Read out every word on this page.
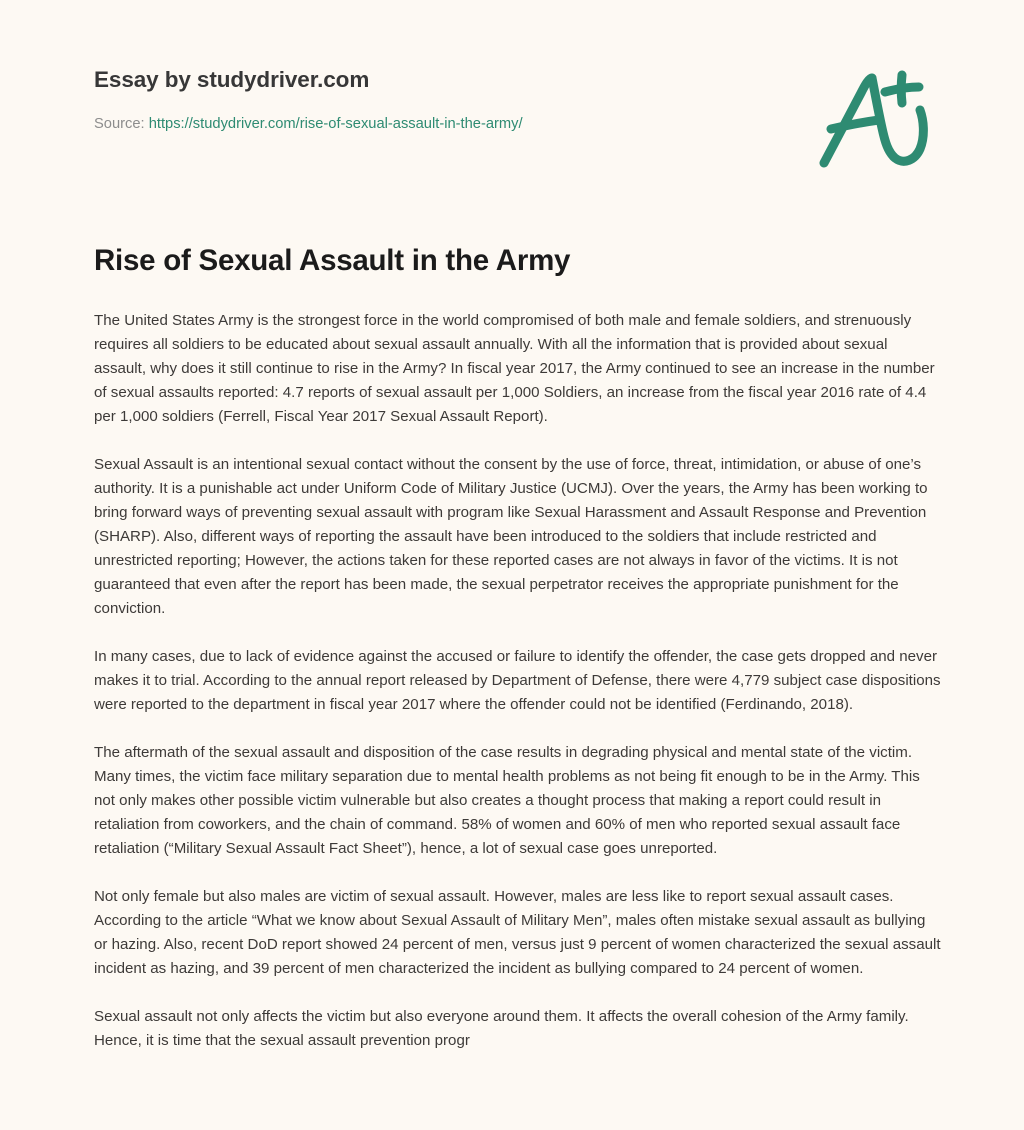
Essay by studydriver.com

Source: https://studydriver.com/rise-of-sexual-assault-in-the-army/

Rise of Sexual Assault in the Army

The United States Army is the strongest force in the world compromised of both male and female soldiers, and strenuously requires all soldiers to be educated about sexual assault annually. With all the information that is provided about sexual assault, why does it still continue to rise in the Army? In fiscal year 2017, the Army continued to see an increase in the number of sexual assaults reported: 4.7 reports of sexual assault per 1,000 Soldiers, an increase from the fiscal year 2016 rate of 4.4 per 1,000 soldiers (Ferrell, Fiscal Year 2017 Sexual Assault Report).

Sexual Assault is an intentional sexual contact without the consent by the use of force, threat, intimidation, or abuse of one’s authority. It is a punishable act under Uniform Code of Military Justice (UCMJ). Over the years, the Army has been working to bring forward ways of preventing sexual assault with program like Sexual Harassment and Assault Response and Prevention (SHARP). Also, different ways of reporting the assault have been introduced to the soldiers that include restricted and unrestricted reporting; However, the actions taken for these reported cases are not always in favor of the victims. It is not guaranteed that even after the report has been made, the sexual perpetrator receives the appropriate punishment for the conviction.

In many cases, due to lack of evidence against the accused or failure to identify the offender, the case gets dropped and never makes it to trial. According to the annual report released by Department of Defense, there were 4,779 subject case dispositions were reported to the department in fiscal year 2017 where the offender could not be identified (Ferdinando, 2018).

The aftermath of the sexual assault and disposition of the case results in degrading physical and mental state of the victim. Many times, the victim face military separation due to mental health problems as not being fit enough to be in the Army. This not only makes other possible victim vulnerable but also creates a thought process that making a report could result in retaliation from coworkers, and the chain of command. 58% of women and 60% of men who reported sexual assault face retaliation (“Military Sexual Assault Fact Sheet”), hence, a lot of sexual case goes unreported.

Not only female but also males are victim of sexual assault. However, males are less like to report sexual assault cases. According to the article “What we know about Sexual Assault of Military Men”, males often mistake sexual assault as bullying or hazing. Also, recent DoD report showed 24 percent of men, versus just 9 percent of women characterized the sexual assault incident as hazing, and 39 percent of men characterized the incident as bullying compared to 24 percent of women.

Sexual assault not only affects the victim but also everyone around them. It affects the overall cohesion of the Army family. Hence, it is time that the sexual assault prevention progr
